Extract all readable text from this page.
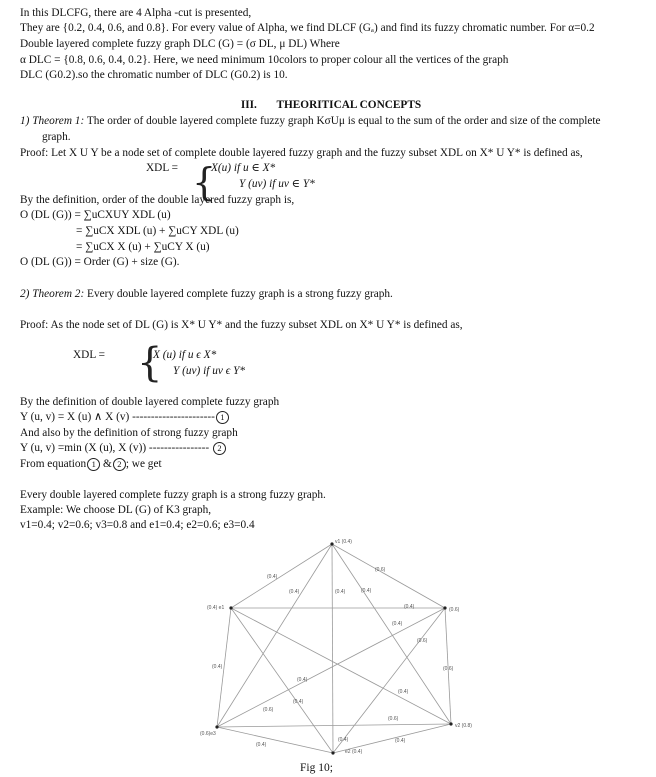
In this DLCFG, there are 4 Alpha -cut is presented,
They are {0.2, 0.4, 0.6, and 0.8}. For every value of Alpha, we find DLCF (Gₐ) and find its fuzzy chromatic number. For α=0.2
Double layered complete fuzzy graph DLC (G) = (σ DL, μ DL) Where
α DLC = {0.8, 0.6, 0.4, 0.2}. Here, we need minimum 10colors to proper colour all the vertices of the graph
DLC (G0.2).so the chromatic number of DLC (G0.2) is 10.
III. THEORITICAL CONCEPTS
1) Theorem 1: The order of double layered complete fuzzy graph KσUμ is equal to the sum of the order and size of the complete
graph.
Proof: Let X U Y be a node set of complete double layered fuzzy graph and the fuzzy subset XDL on X* U Y* is defined as,
XDL = {
X(u) if u ∈ X*
Y (uv) if uv ∈ Y*
By the definition, order of the double layered fuzzy graph is,
O (DL (G)) = ∑uCXUY XDL (u)
= ∑uCX XDL (u) + ∑uCY XDL (u)
= ∑uCX X (u) + ∑uCY X (u)
O (DL (G)) = Order (G) + size (G).
2) Theorem 2: Every double layered complete fuzzy graph is a strong fuzzy graph.
Proof: As the node set of DL (G) is X* U Y* and the fuzzy subset XDL on X* U Y* is defined as,
XDL = {
X (u) if u ϵ X*
Y (uv) if uv ϵ Y*
By the definition of double layered complete fuzzy graph
Y (u, v) = X (u) ∧ X (v) ---------------------- 1
And also by the definition of strong fuzzy graph
Y (u, v) =min (X (u), X (v)) ---------------- 2
From equation 1 & 2 ; we get
Every double layered complete fuzzy graph is a strong fuzzy graph.
Example: We choose DL (G) of K3 graph,
v1=0.4; v2=0.6; v3=0.8 and e1=0.4; e2=0.6; e3=0.4
v1 (0.4)
(0.6)
v2 (0.8)
e2 (0.4)
(0.6)e3
(0.4) e1
(0.4)
(0.6)
(0.4)	(0.4)	(0.4)
(0.4)
(0.4)
(0.6)
(0.4)	(0.6)
(0.4)
(0.4)
(0.6)
(0.4)
(0.6)
(0.4)
(0.4)
(0.4)
Fig 10;
